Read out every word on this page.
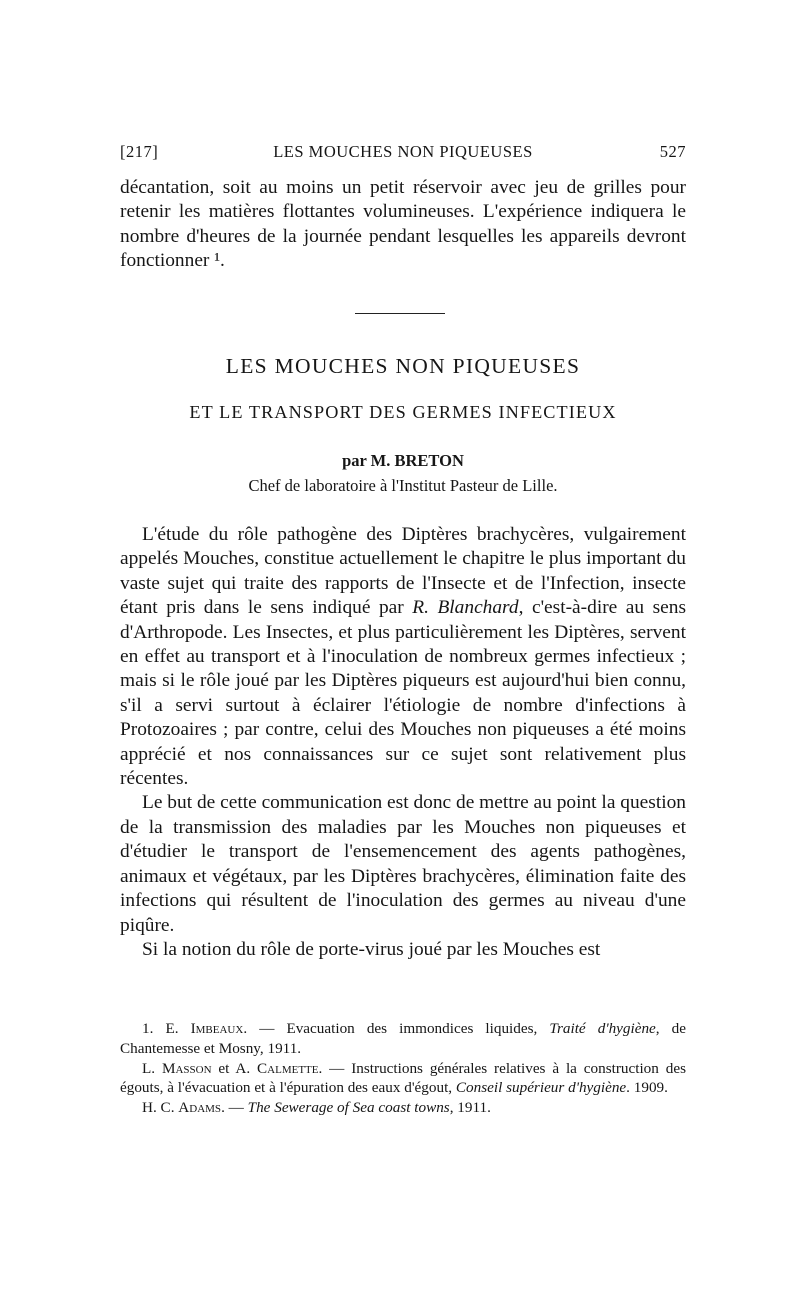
[217]	LES MOUCHES NON PIQUEUSES	527

décantation, soit au moins un petit réservoir avec jeu de grilles pour retenir les matières flottantes volumineuses. L'expérience indiquera le nombre d'heures de la journée pendant lesquelles les appareils devront fonctionner ¹.

LES MOUCHES NON PIQUEUSES
ET LE TRANSPORT DES GERMES INFECTIEUX
par M. BRETON
Chef de laboratoire à l'Institut Pasteur de Lille.

L'étude du rôle pathogène des Diptères brachycères, vulgairement appelés Mouches, constitue actuellement le chapitre le plus important du vaste sujet qui traite des rapports de l'Insecte et de l'Infection, insecte étant pris dans le sens indiqué par R. Blanchard, c'est-à-dire au sens d'Arthropode. Les Insectes, et plus particulièrement les Diptères, servent en effet au transport et à l'inoculation de nombreux germes infectieux ; mais si le rôle joué par les Diptères piqueurs est aujourd'hui bien connu, s'il a servi surtout à éclairer l'étiologie de nombre d'infections à Protozoaires ; par contre, celui des Mouches non piqueuses a été moins apprécié et nos connaissances sur ce sujet sont relativement plus récentes.

Le but de cette communication est donc de mettre au point la question de la transmission des maladies par les Mouches non piqueuses et d'étudier le transport de l'ensemencement des agents pathogènes, animaux et végétaux, par les Diptères brachycères, élimination faite des infections qui résultent de l'inoculation des germes au niveau d'une piqûre.

Si la notion du rôle de porte-virus joué par les Mouches est

1. E. Imbeaux. — Evacuation des immondices liquides, Traité d'hygiène, de Chantemesse et Mosny, 1911.

L. Masson et A. Calmette. — Instructions générales relatives à la construction des égouts, à l'évacuation et à l'épuration des eaux d'égout, Conseil supérieur d'hygiène. 1909.

H. C. Adams. — The Sewerage of Sea coast towns, 1911.
